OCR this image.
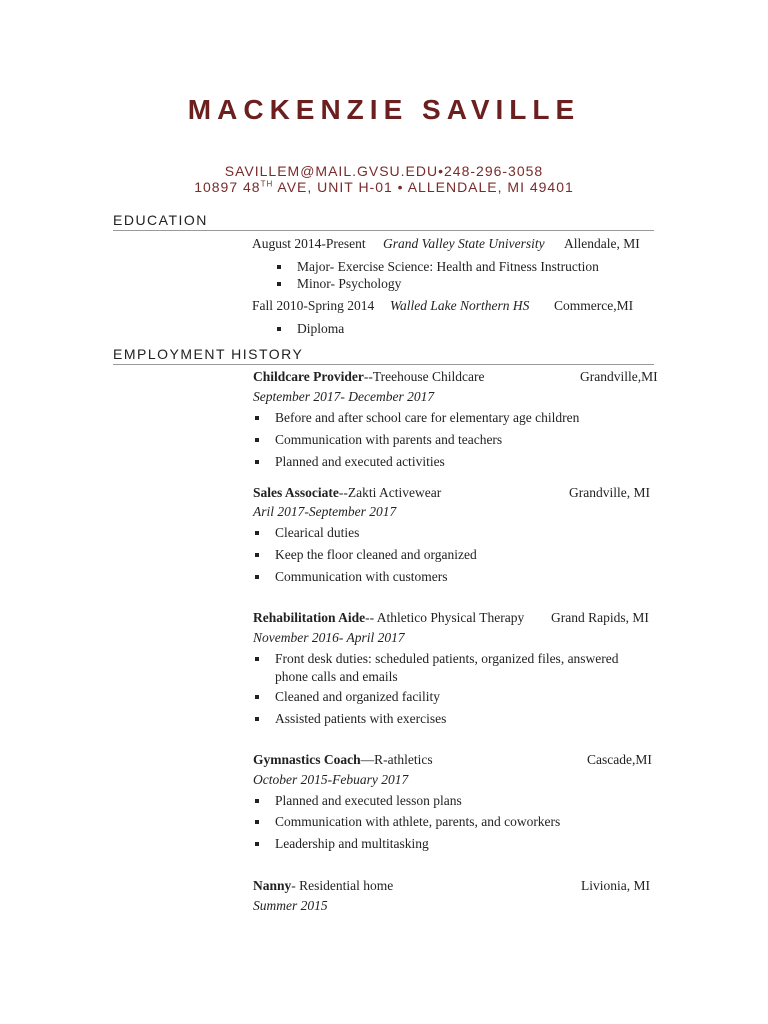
MACKENZIE SAVILLE
SAVILLEM@MAIL.GVSU.EDU•248-296-3058
10897 48TH AVE, UNIT H-01 • ALLENDALE, MI 49401
EDUCATION
August 2014-Present Grand Valley State University Allendale, MI
Major- Exercise Science: Health and Fitness Instruction
Minor- Psychology
Fall 2010-Spring 2014 Walled Lake Northern HS Commerce,MI
Diploma
EMPLOYMENT HISTORY
Childcare Provider--Treehouse Childcare	Grandville,MI
September 2017- December 2017
Before and after school care for elementary age children
Communication with parents and teachers
Planned and executed activities
Sales Associate--Zakti Activewear	Grandville, MI
Aril 2017-September 2017
Clearical duties
Keep the floor cleaned and organized
Communication with customers
Rehabilitation Aide-- Athletico Physical Therapy Grand Rapids, MI
November 2016- April 2017
Front desk duties: scheduled patients, organized files, answered
phone calls and emails
Cleaned and organized facility
Assisted patients with exercises
Gymnastics Coach—R-athletics	Cascade,MI
October 2015-Febuary 2017
Planned and executed lesson plans
Communication with athlete, parents, and coworkers
Leadership and multitasking
Nanny- Residential home	Livionia, MI
Summer 2015
